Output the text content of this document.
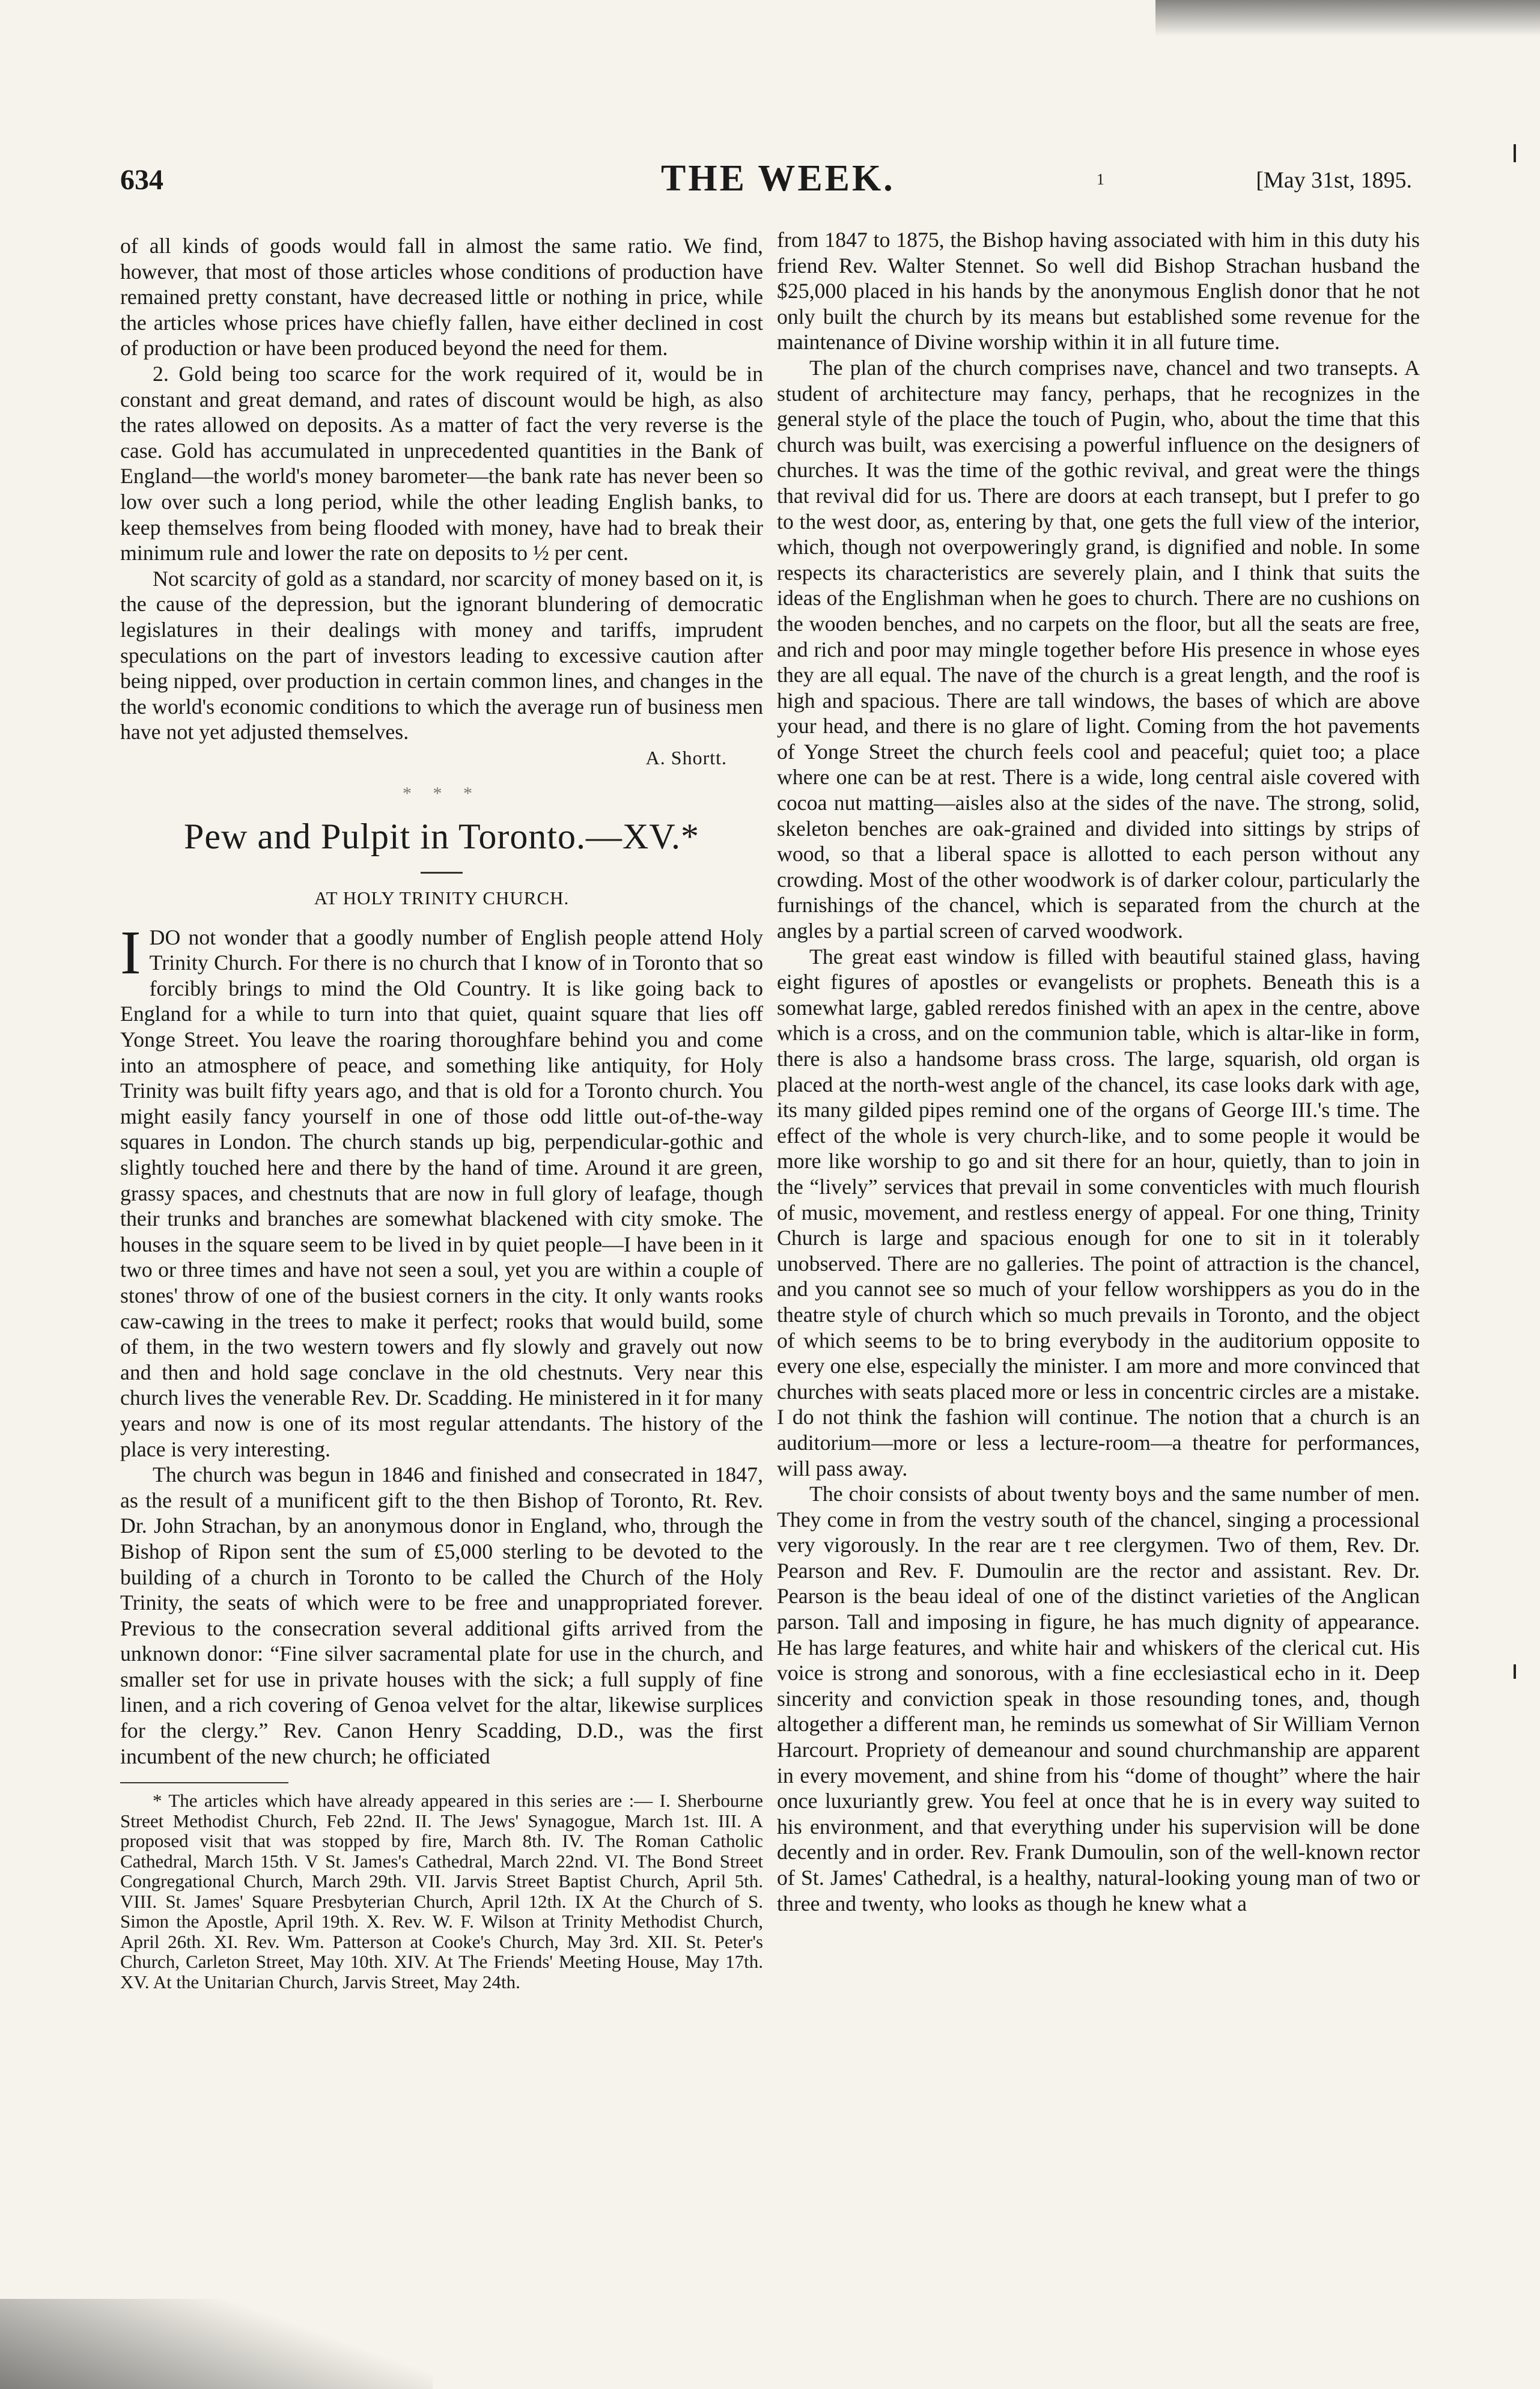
634	THE WEEK.	1	[May 31st, 1895.

of all kinds of goods would fall in almost the same ratio. We find, however, that most of those articles whose conditions of production have remained pretty constant, have decreased little or nothing in price, while the articles whose prices have chiefly fallen, have either declined in cost of production or have been produced beyond the need for them.

2. Gold being too scarce for the work required of it, would be in constant and great demand, and rates of discount would be high, as also the rates allowed on deposits. As a matter of fact the very reverse is the case. Gold has accumulated in unprecedented quantities in the Bank of England—the world's money barometer—the bank rate has never been so low over such a long period, while the other leading English banks, to keep themselves from being flooded with money, have had to break their minimum rule and lower the rate on deposits to ½ per cent.

Not scarcity of gold as a standard, nor scarcity of money based on it, is the cause of the depression, but the ignorant blundering of democratic legislatures in their dealings with money and tariffs, imprudent speculations on the part of investors leading to excessive caution after being nipped, over production in certain common lines, and changes in the the world's economic conditions to which the average run of business men have not yet adjusted themselves.

A. Shortt.
* * *
Pew and Pulpit in Toronto.—XV.*
AT HOLY TRINITY CHURCH.

IDO not wonder that a goodly number of English people attend Holy Trinity Church. For there is no church that I know of in Toronto that so forcibly brings to mind the Old Country. It is like going back to England for a while to turn into that quiet, quaint square that lies off Yonge Street. You leave the roaring thoroughfare behind you and come into an atmosphere of peace, and something like antiquity, for Holy Trinity was built fifty years ago, and that is old for a Toronto church. You might easily fancy yourself in one of those odd little out-of-the-way squares in London. The church stands up big, perpendicular-gothic and slightly touched here and there by the hand of time. Around it are green, grassy spaces, and chestnuts that are now in full glory of leafage, though their trunks and branches are somewhat blackened with city smoke. The houses in the square seem to be lived in by quiet people—I have been in it two or three times and have not seen a soul, yet you are within a couple of stones' throw of one of the busiest corners in the city. It only wants rooks caw-cawing in the trees to make it perfect; rooks that would build, some of them, in the two western towers and fly slowly and gravely out now and then and hold sage conclave in the old chestnuts. Very near this church lives the venerable Rev. Dr. Scadding. He ministered in it for many years and now is one of its most regular attendants. The history of the place is very interesting.

The church was begun in 1846 and finished and consecrated in 1847, as the result of a munificent gift to the then Bishop of Toronto, Rt. Rev. Dr. John Strachan, by an anonymous donor in England, who, through the Bishop of Ripon sent the sum of £5,000 sterling to be devoted to the building of a church in Toronto to be called the Church of the Holy Trinity, the seats of which were to be free and unappropriated forever. Previous to the consecration several additional gifts arrived from the unknown donor: “Fine silver sacramental plate for use in the church, and smaller set for use in private houses with the sick; a full supply of fine linen, and a rich covering of Genoa velvet for the altar, likewise surplices for the clergy.” Rev. Canon Henry Scadding, D.D., was the first incumbent of the new church; he officiated

* The articles which have already appeared in this series are :— I. Sherbourne Street Methodist Church, Feb 22nd. II. The Jews' Synagogue, March 1st. III. A proposed visit that was stopped by fire, March 8th. IV. The Roman Catholic Cathedral, March 15th. V St. James's Cathedral, March 22nd. VI. The Bond Street Congregational Church, March 29th. VII. Jarvis Street Baptist Church, April 5th. VIII. St. James' Square Presbyterian Church, April 12th. IX At the Church of S. Simon the Apostle, April 19th. X. Rev. W. F. Wilson at Trinity Methodist Church, April 26th. XI. Rev. Wm. Patterson at Cooke's Church, May 3rd. XII. St. Peter's Church, Carleton Street, May 10th. XIV. At The Friends' Meeting House, May 17th. XV. At the Unitarian Church, Jarvis Street, May 24th.

from 1847 to 1875, the Bishop having associated with him in this duty his friend Rev. Walter Stennet. So well did Bishop Strachan husband the $25,000 placed in his hands by the anonymous English donor that he not only built the church by its means but established some revenue for the maintenance of Divine worship within it in all future time.

The plan of the church comprises nave, chancel and two transepts. A student of architecture may fancy, perhaps, that he recognizes in the general style of the place the touch of Pugin, who, about the time that this church was built, was exercising a powerful influence on the designers of churches. It was the time of the gothic revival, and great were the things that revival did for us. There are doors at each transept, but I prefer to go to the west door, as, entering by that, one gets the full view of the interior, which, though not overpoweringly grand, is dignified and noble. In some respects its characteristics are severely plain, and I think that suits the ideas of the Englishman when he goes to church. There are no cushions on the wooden benches, and no carpets on the floor, but all the seats are free, and rich and poor may mingle together before His presence in whose eyes they are all equal. The nave of the church is a great length, and the roof is high and spacious. There are tall windows, the bases of which are above your head, and there is no glare of light. Coming from the hot pavements of Yonge Street the church feels cool and peaceful; quiet too; a place where one can be at rest. There is a wide, long central aisle covered with cocoa nut matting—aisles also at the sides of the nave. The strong, solid, skeleton benches are oak-grained and divided into sittings by strips of wood, so that a liberal space is allotted to each person without any crowding. Most of the other woodwork is of darker colour, particularly the furnishings of the chancel, which is separated from the church at the angles by a partial screen of carved woodwork.

The great east window is filled with beautiful stained glass, having eight figures of apostles or evangelists or prophets. Beneath this is a somewhat large, gabled reredos finished with an apex in the centre, above which is a cross, and on the communion table, which is altar-like in form, there is also a handsome brass cross. The large, squarish, old organ is placed at the north-west angle of the chancel, its case looks dark with age, its many gilded pipes remind one of the organs of George III.'s time. The effect of the whole is very church-like, and to some people it would be more like worship to go and sit there for an hour, quietly, than to join in the “lively” services that prevail in some conventicles with much flourish of music, movement, and restless energy of appeal. For one thing, Trinity Church is large and spacious enough for one to sit in it tolerably unobserved. There are no galleries. The point of attraction is the chancel, and you cannot see so much of your fellow worshippers as you do in the theatre style of church which so much prevails in Toronto, and the object of which seems to be to bring everybody in the auditorium opposite to every one else, especially the minister. I am more and more convinced that churches with seats placed more or less in concentric circles are a mistake. I do not think the fashion will continue. The notion that a church is an auditorium—more or less a lecture-room—a theatre for performances, will pass away.

The choir consists of about twenty boys and the same number of men. They come in from the vestry south of the chancel, singing a processional very vigorously. In the rear are t ree clergymen. Two of them, Rev. Dr. Pearson and Rev. F. Dumoulin are the rector and assistant. Rev. Dr. Pearson is the beau ideal of one of the distinct varieties of the Anglican parson. Tall and imposing in figure, he has much dignity of appearance. He has large features, and white hair and whiskers of the clerical cut. His voice is strong and sonorous, with a fine ecclesiastical echo in it. Deep sincerity and conviction speak in those resounding tones, and, though altogether a different man, he reminds us somewhat of Sir William Vernon Harcourt. Propriety of demeanour and sound churchmanship are apparent in every movement, and shine from his “dome of thought” where the hair once luxuriantly grew. You feel at once that he is in every way suited to his environment, and that everything under his supervision will be done decently and in order. Rev. Frank Dumoulin, son of the well-known rector of St. James' Cathedral, is a healthy, natural-looking young man of two or three and twenty, who looks as though he knew what a
